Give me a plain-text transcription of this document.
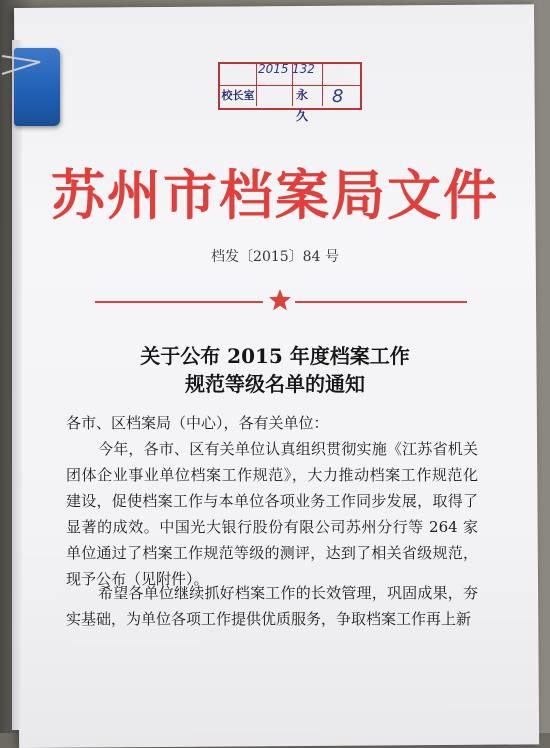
2015 132
校长室	永久
8
苏州市档案局文件
档发〔2015〕84 号
关于公布 2015 年度档案工作
规范等级名单的通知
各市、区档案局（中心），各有关单位：
今年，各市、区有关单位认真组织贯彻实施《江苏省机关团体企业事业单位档案工作规范》，大力推动档案工作规范化建设，促使档案工作与本单位各项业务工作同步发展，取得了显著的成效。中国光大银行股份有限公司苏州分行等 264 家单位通过了档案工作规范等级的测评，达到了相关省级规范，现予公布（见附件）。
希望各单位继续抓好档案工作的长效管理，巩固成果，夯实基础，为单位各项工作提供优质服务，争取档案工作再上新
